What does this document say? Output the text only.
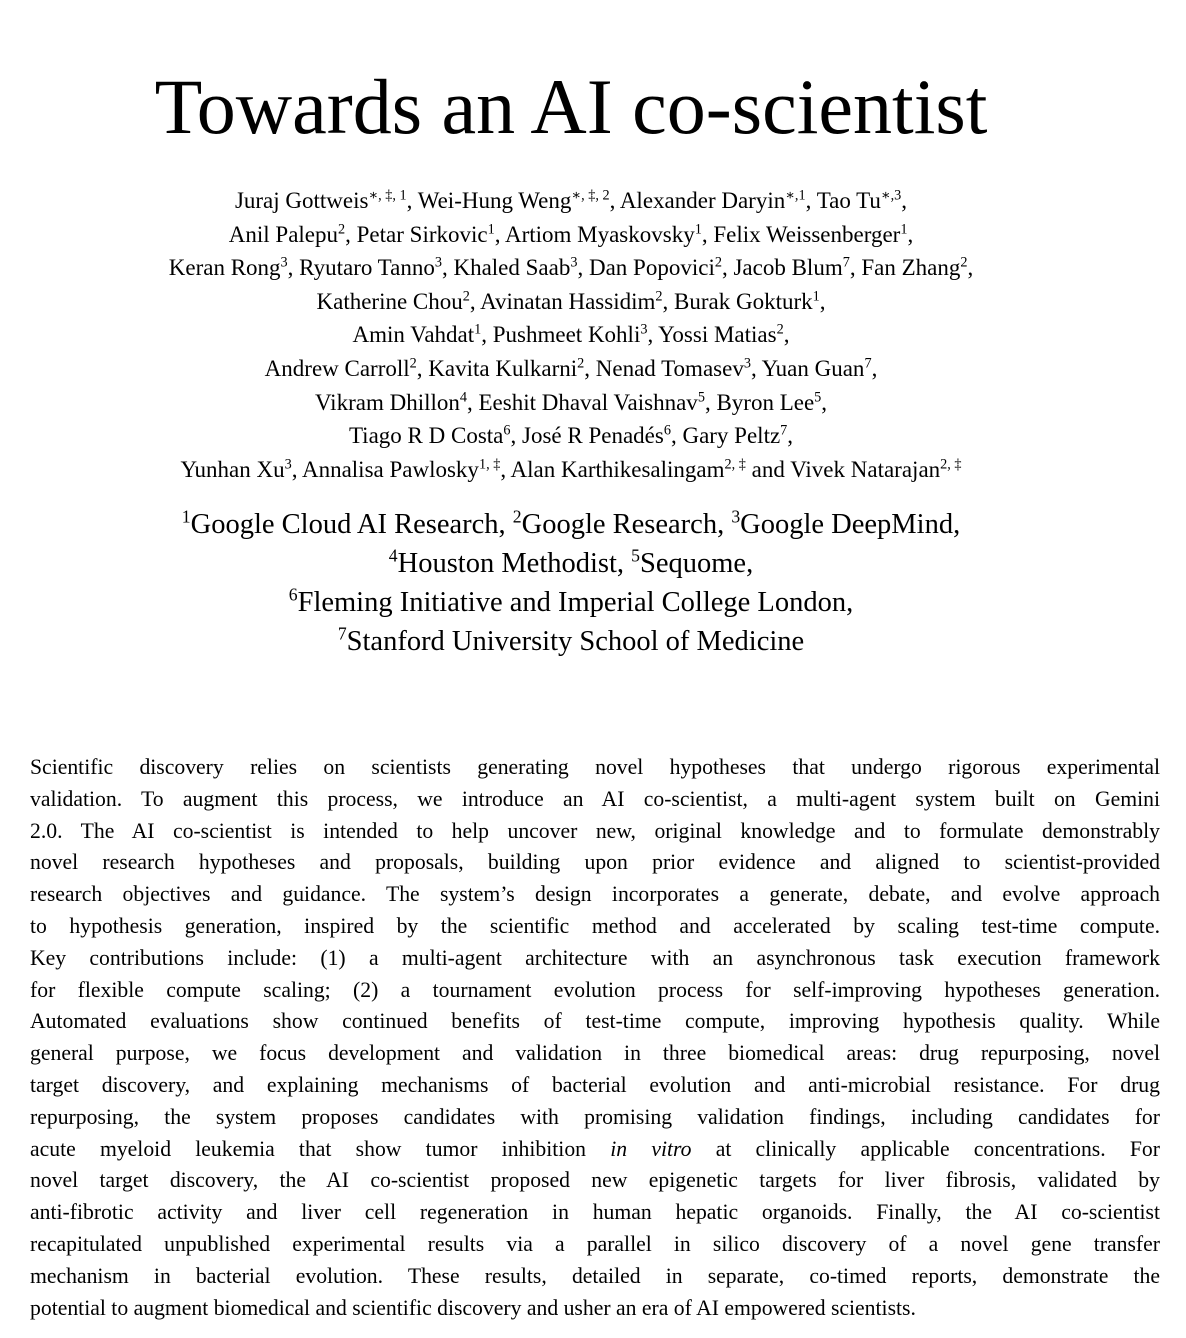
Towards an AI co-scientist
Juraj Gottweis$^{∗, \ddagger, 1}$, Wei-Hung Weng$^{∗, \ddagger, 2}$, Alexander Daryin$^{∗,1}$, Tao $Tu^{∗,3}$,
Anil Palepu$^2$, Petar Sirkovic$^1$, Artiom Myaskovsky$^1$, Felix Weissenberger$^1$,
Keran Rong$^3$, Ryutaro Tanno$^3$, Khaled Saab$^3$, Dan Popovici$^2$, Jacob Blum$^7$, Fan Zhang$^2$,
Katherine Chou$^2$, Avinatan Hassidim$^2$, Burak Gokturk$^1$,
Amin Vahdat$^1$, Pushmeet Kohli$^3$, Yossi Matias$^2$,
Andrew Carroll$^2$, Kavita Kulkarni$^2$, Nenad Tomasev$^3$, Yuan Guan$^7$,
Vikram Dhillon$^4$, Eeshit Dhaval Vaishnav$^5$, Byron Lee$^5$,
Tiago R D Costa$^6$, José R Penadés$^6$, Gary Peltz$^7$,
Yunhan Xu$^3$, Annalisa Pawlosky$^{1, \ddagger}$, Alan Karthikesalingam$^{2, \ddagger}$ and Vivek Natarajan$^{2, \ddagger}$
$^1$Google Cloud AI Research, $^2$Google Research, $^3$Google DeepMind,
$^4$Houston Methodist, $^5$Sequome,
$^6$Fleming Initiative and Imperial College London,
$^7$Stanford University School of Medicine
Scientific discovery relies on scientists generating novel hypotheses that undergo rigorous experimental
validation. To augment this process, we introduce an AI co-scientist, a multi-agent system built on Gemini
2.0. The AI co-scientist is intended to help uncover new, original knowledge and to formulate demonstrably
novel research hypotheses and proposals, building upon prior evidence and aligned to scientist-provided
research objectives and guidance. The system’s design incorporates a generate, debate, and evolve approach
to hypothesis generation, inspired by the scientific method and accelerated by scaling test-time compute.
Key contributions include: (1) a multi-agent architecture with an asynchronous task execution framework
for flexible compute scaling; (2) a tournament evolution process for self-improving hypotheses generation.
Automated evaluations show continued benefits of test-time compute, improving hypothesis quality. While
general purpose, we focus development and validation in three biomedical areas: drug repurposing, novel
target discovery, and explaining mechanisms of bacterial evolution and anti-microbial resistance. For drug
repurposing, the system proposes candidates with promising validation findings, including candidates for
acute myeloid leukemia that show tumor inhibition in vitro at clinically applicable concentrations. For
novel target discovery, the AI co-scientist proposed new epigenetic targets for liver fibrosis, validated by
anti-fibrotic activity and liver cell regeneration in human hepatic organoids. Finally, the AI co-scientist
recapitulated unpublished experimental results via a parallel in silico discovery of a novel gene transfer
mechanism in bacterial evolution. These results, detailed in separate, co-timed reports, demonstrate the
potential to augment biomedical and scientific discovery and usher an era of AI empowered scientists.
